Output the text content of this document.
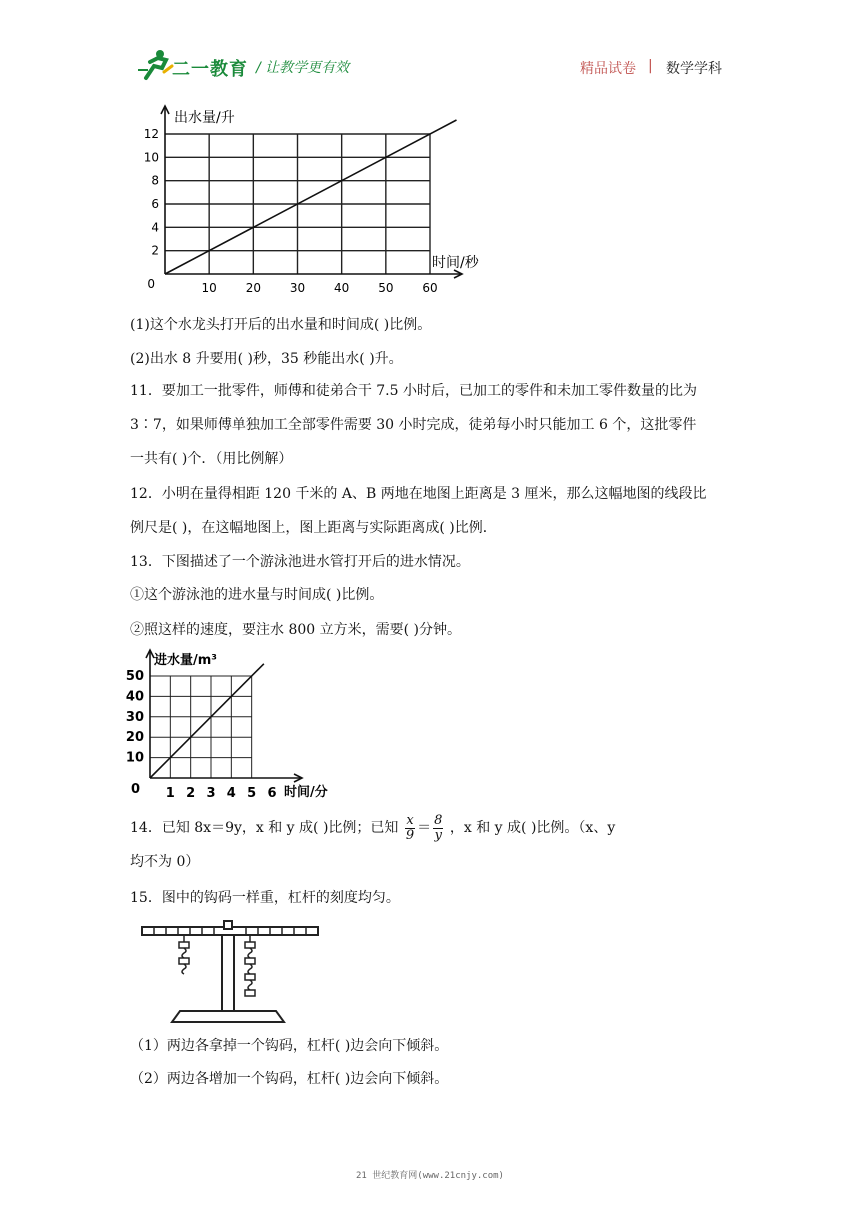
二一教育 / 让教学更有效	精品试卷 | 数学学科
2
4
6
8
10
12
10 20 30 40 50 60
0
出水量/升
时间/秒
(1)这个水龙头打开后的出水量和时间成( )比例。
(2)出水 8 升要用( )秒，35 秒能出水( )升。
11．要加工一批零件，师傅和徒弟合干 7.5 小时后，已加工的零件和未加工零件数量的比为
3∶7，如果师傅单独加工全部零件需要 30 小时完成，徒弟每小时只能加工 6 个，这批零件
一共有( )个．（用比例解）
12．小明在量得相距 120 千米的 A、B 两地在地图上距离是 3 厘米，那么这幅地图的线段比
例尺是( )，在这幅地图上，图上距离与实际距离成( )比例．
13．下图描述了一个游泳池进水管打开后的进水情况。
①这个游泳池的进水量与时间成( )比例。
②照这样的速度，要注水 800 立方米，需要( )分钟。
10
20
30
40
50
1 2 3 4 5 6
0
进水量/m³
时间/分
14．已知 8x＝9y，x 和 y 成( )比例；已知 $\frac{x}{9} = \frac{8}{y}$ ，x 和 y 成( )比例。（x、y
均不为 0）
15．图中的钩码一样重，杠杆的刻度均匀。
（1）两边各拿掉一个钩码，杠杆( )边会向下倾斜。
（2）两边各增加一个钩码，杠杆( )边会向下倾斜。
21 世纪教育网(www.21cnjy.com)
